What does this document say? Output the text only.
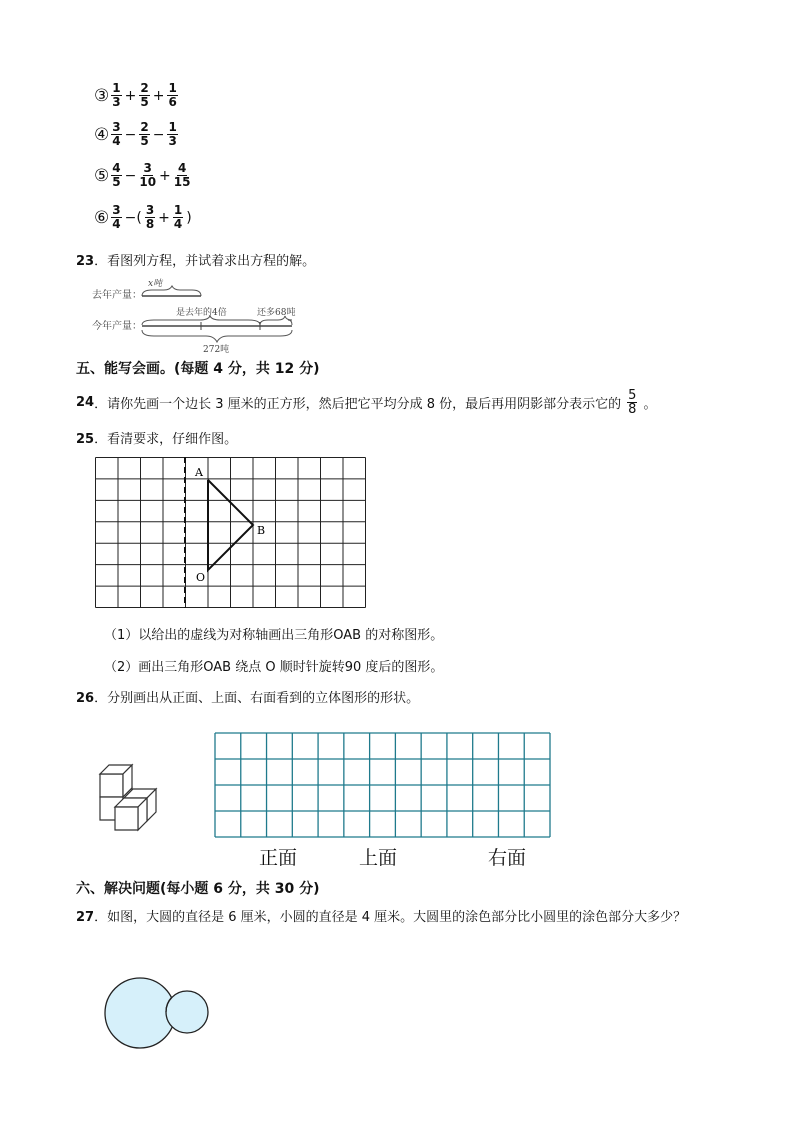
③ $\frac{1}{3} + \frac{2}{5} + \frac{1}{6}$
④ $\frac{3}{4} - \frac{2}{5} - \frac{1}{3}$
⑤ $\frac{4}{5} - \frac{3}{10} + \frac{4}{15}$
⑥ $\frac{3}{4}$ −( $\frac{3}{8} + \frac{1}{4}$ )
23．看图列方程，并试着求出方程的解。
去年产量：
x吨
是去年的4倍	还多68吨
今年产量：
272吨
五、能写会画。(每题 4 分，共 12 分)
24 ．请你先画一个边长 3 厘米的正方形，然后把它平均分成 8 份，最后再用阴影部分表示它的 $\frac{5}{8}$ 。
25．看清要求，仔细作图。
A
B
O
（1）以给出的虚线为对称轴画出三角形OAB 的对称图形。
（2）画出三角形OAB 绕点 O 顺时针旋转90 度后的图形。
26．分别画出从正面、上面、右面看到的立体图形的形状。
正面	上面	右面
六、解决问题(每小题 6 分，共 30 分)
27．如图，大圆的直径是 6 厘米，小圆的直径是 4 厘米。大圆里的涂色部分比小圆里的涂色部分大多少？
